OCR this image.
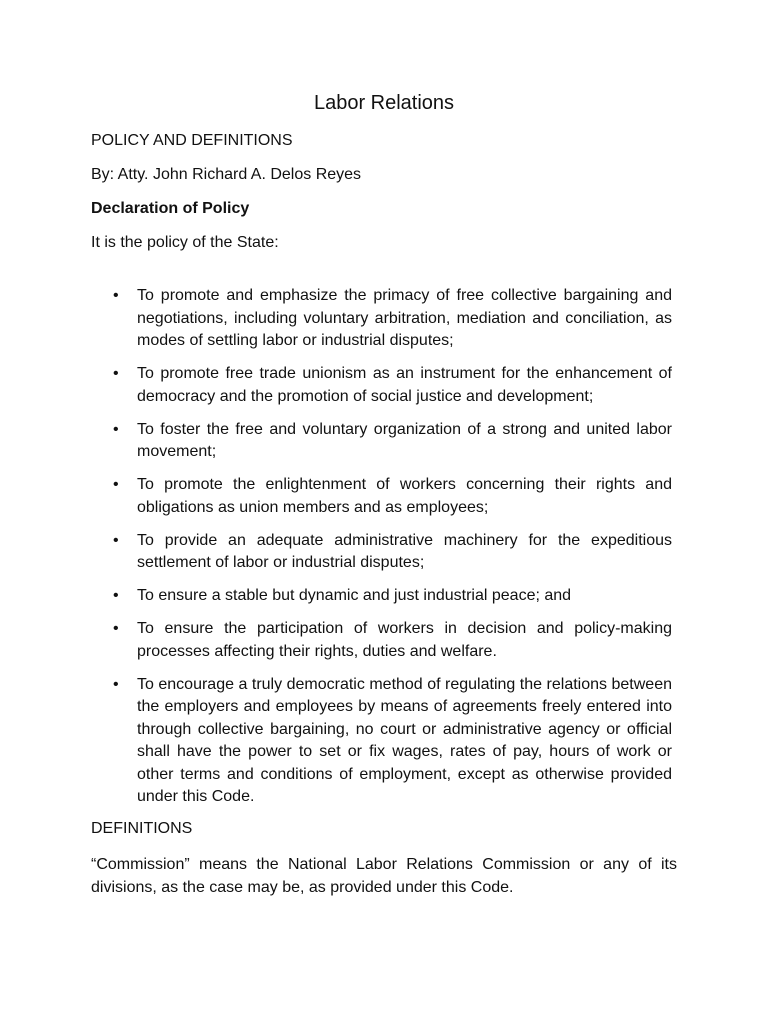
Labor Relations
POLICY AND DEFINITIONS
By: Atty. John Richard A. Delos Reyes
Declaration of Policy
It is the policy of the State:
• To promote and emphasize the primacy of free collective bargaining and negotiations, including voluntary arbitration, mediation and conciliation, as modes of settling labor or industrial disputes;
• To promote free trade unionism as an instrument for the enhancement of democracy and the promotion of social justice and development;
• To foster the free and voluntary organization of a strong and united labor movement;
• To promote the enlightenment of workers concerning their rights and obligations as union members and as employees;
• To provide an adequate administrative machinery for the expeditious settlement of labor or industrial disputes;
• To ensure a stable but dynamic and just industrial peace; and
• To ensure the participation of workers in decision and policy-making processes affecting their rights, duties and welfare.
• To encourage a truly democratic method of regulating the relations between the employers and employees by means of agreements freely entered into through collective bargaining, no court or administrative agency or official shall have the power to set or fix wages, rates of pay, hours of work or other terms and conditions of employment, except as otherwise provided under this Code.
DEFINITIONS

“Commission” means the National Labor Relations Commission or any of its divisions, as the case may be, as provided under this Code.
